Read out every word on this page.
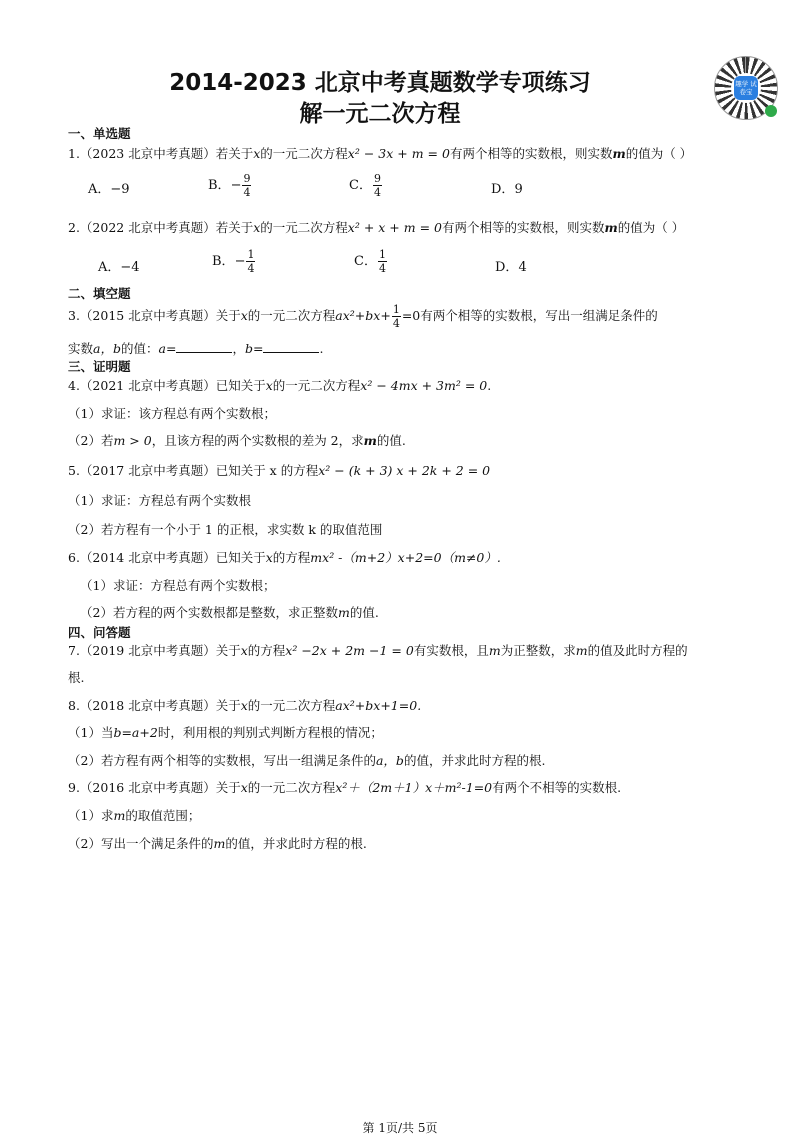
2014-2023 北京中考真题数学专项练习
解一元二次方程
趣学 试卷宝
一、单选题
1.（2023 北京中考真题）若关于x的一元二次方程x² − 3x + m = 0有两个相等的实数根，则实数m的值为（ ）
A．−9	B．− $\frac{9}{4}$	C． $\frac{9}{4}$	D．9
2.（2022 北京中考真题）若关于x的一元二次方程x² + x + m = 0有两个相等的实数根，则实数m的值为（ ）
A．−4	B．− $\frac{1}{4}$	C． $\frac{1}{4}$	D．4
二、填空题
3.（2015 北京中考真题）关于x的一元二次方程$ax^2+bx+ \frac{1}{4} =0$有两个相等的实数根，写出一组满足条件的
实数a，b的值：a=	，b=	.
三、证明题
4.（2021 北京中考真题）已知关于x的一元二次方程x² − 4mx + 3m² = 0.
（1）求证：该方程总有两个实数根；
（2）若m > 0，且该方程的两个实数根的差为 2，求m的值.
5.（2017 北京中考真题）已知关于 x 的方程x² − (k + 3) x + 2k + 2 = 0
（1）求证：方程总有两个实数根
（2）若方程有一个小于 1 的正根，求实数 k 的取值范围
6.（2014 北京中考真题）已知关于x的方程mx² -（m+2）x+2=0（m≠0）.
（1）求证：方程总有两个实数根；
（2）若方程的两个实数根都是整数，求正整数m的值.
四、问答题
7.（2019 北京中考真题）关于x的方程x² −2x + 2m −1 = 0有实数根，且m为正整数，求m的值及此时方程的
根.
8.（2018 北京中考真题）关于x的一元二次方程ax²+bx+1=0.
（1）当b=a+2时，利用根的判别式判断方程根的情况；
（2）若方程有两个相等的实数根，写出一组满足条件的a，b的值，并求此时方程的根.
9.（2016 北京中考真题）关于x的一元二次方程x²＋（2m＋1）x＋m²-1=0有两个不相等的实数根.
（1）求m的取值范围；
（2）写出一个满足条件的m的值，并求此时方程的根.
第 1页/共 5页
